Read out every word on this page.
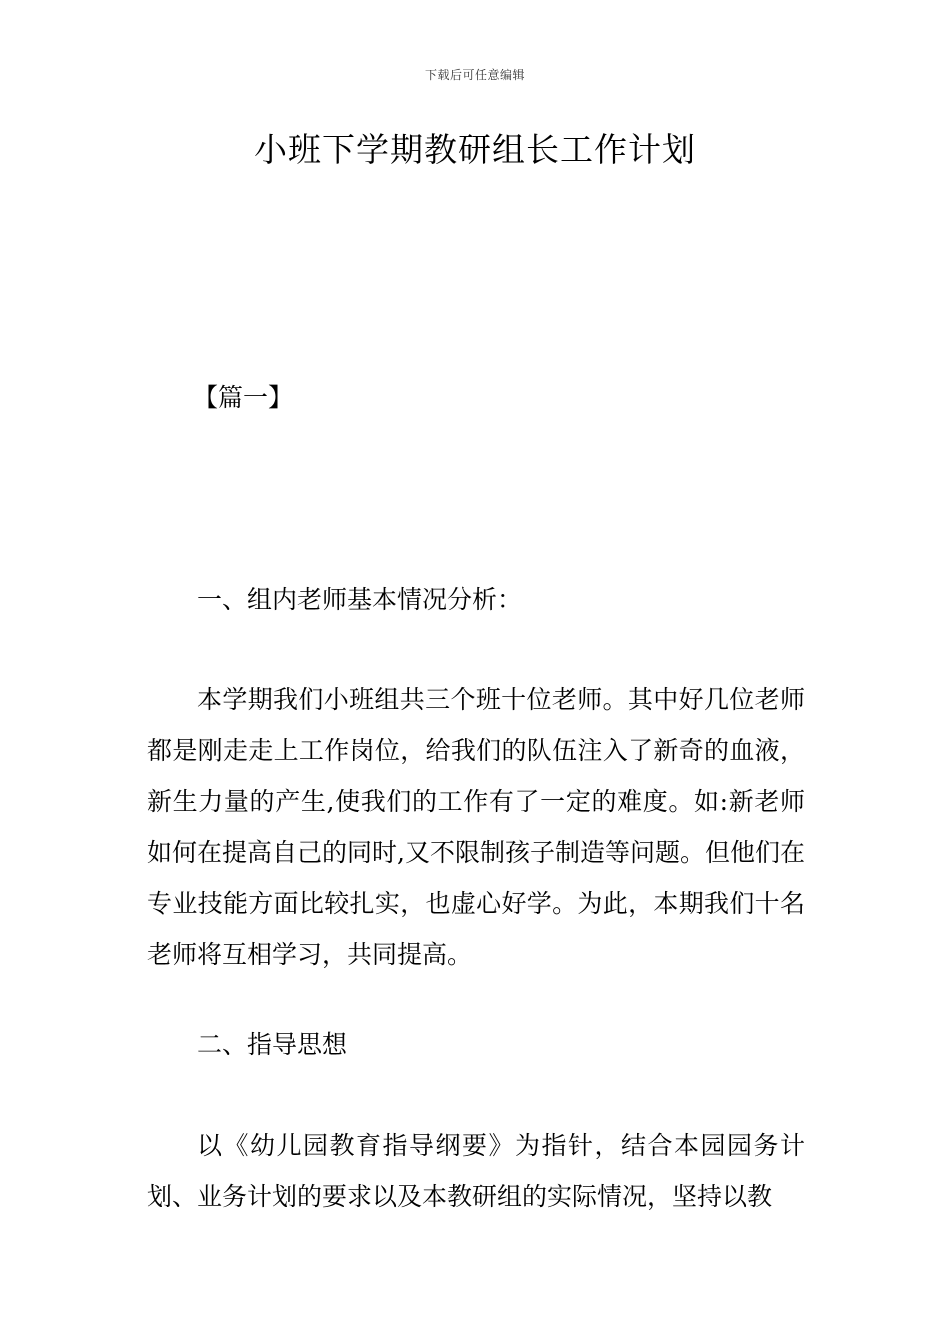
下载后可任意编辑
小班下学期教研组长工作计划
【篇一】
一、组内老师基本情况分析：

本学期我们小班组共三个班十位老师。其中好几位老师都是刚走走上工作岗位，给我们的队伍注入了新奇的血液，新生力量的产生,使我们的工作有了一定的难度。如:新老师如何在提高自己的同时,又不限制孩子制造等问题。但他们在专业技能方面比较扎实，也虚心好学。为此，本期我们十名老师将互相学习，共同提高。

二、指导思想

以《幼儿园教育指导纲要》为指针，结合本园园务计划、业务计划的要求以及本教研组的实际情况，坚持以教
